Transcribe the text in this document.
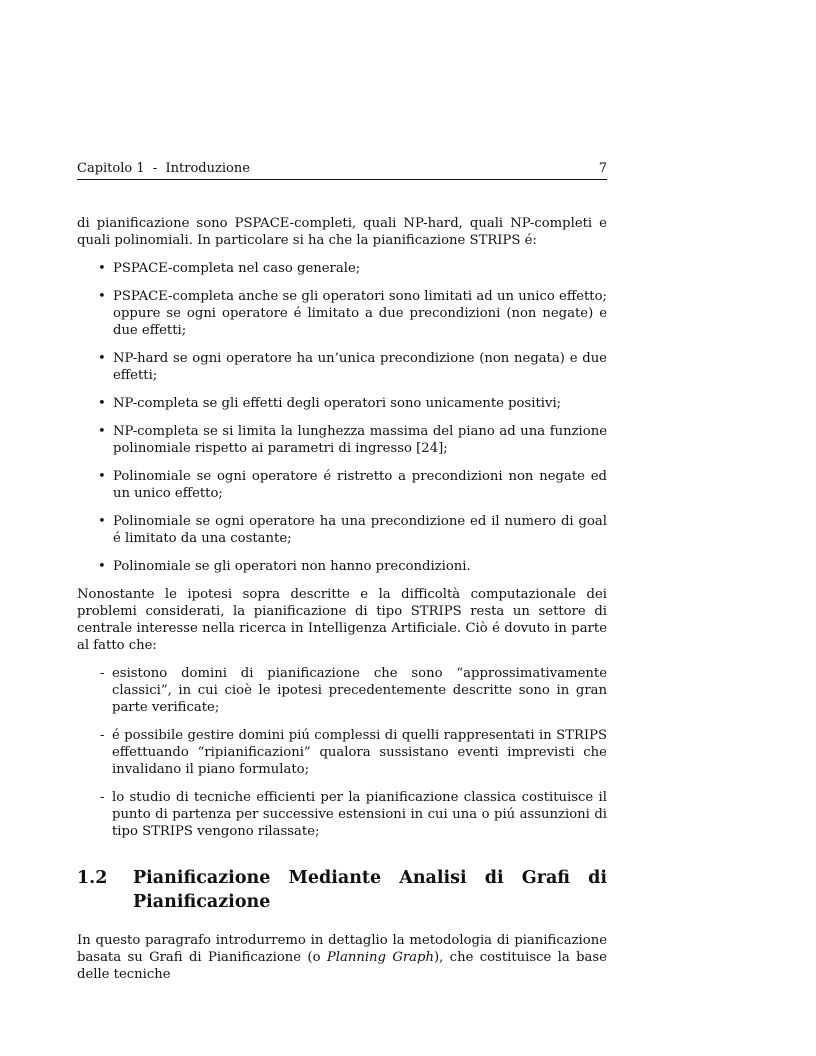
Capitolo 1  -  Introduzione	7

di pianificazione sono PSPACE-completi, quali NP-hard, quali NP-completi e quali polinomiali. In particolare si ha che la pianificazione STRIPS é:

• PSPACE-completa nel caso generale;
• PSPACE-completa anche se gli operatori sono limitati ad un unico effetto; oppure se ogni operatore é limitato a due precondizioni (non negate) e due effetti;
• NP-hard se ogni operatore ha un’unica precondizione (non negata) e due effetti;
• NP-completa se gli effetti degli operatori sono unicamente positivi;
• NP-completa se si limita la lunghezza massima del piano ad una funzione polinomiale rispetto ai parametri di ingresso [24];
• Polinomiale se ogni operatore é ristretto a precondizioni non negate ed un unico effetto;
• Polinomiale se ogni operatore ha una precondizione ed il numero di goal é limitato da una costante;
• Polinomiale se gli operatori non hanno precondizioni.

Nonostante le ipotesi sopra descritte e la difficoltà computazionale dei problemi considerati, la pianificazione di tipo STRIPS resta un settore di centrale interesse nella ricerca in Intelligenza Artificiale. Ciò é dovuto in parte al fatto che:

- esistono domini di pianificazione che sono “approssimativamente classici”, in cui cioè le ipotesi precedentemente descritte sono in gran parte verificate;
- é possibile gestire domini piú complessi di quelli rappresentati in STRIPS effettuando “ripianificazioni” qualora sussistano eventi imprevisti che invalidano il piano formulato;
- lo studio di tecniche efficienti per la pianificazione classica costituisce il punto di partenza per successive estensioni in cui una o piú assunzioni di tipo STRIPS vengono rilassate;
1.2 Pianificazione Mediante Analisi di Grafi di Pianificazione

In questo paragrafo introdurremo in dettaglio la metodologia di pianificazione basata su Grafi di Pianificazione (o Planning Graph), che costituisce la base delle tecniche
